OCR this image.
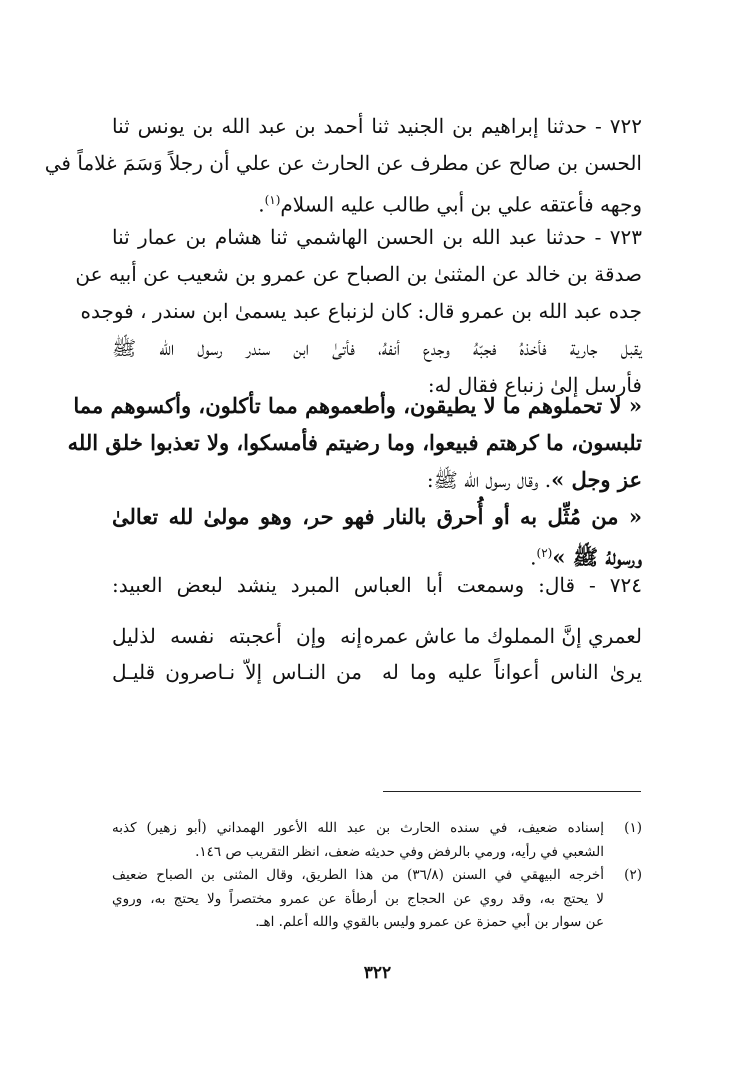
٧٢٢ - حدثنا إبراهيم بن الجنيد ثنا أحمد بن عبد الله بن يونس ثنا
الحسن بن صالح عن مطرف عن الحارث عن علي أن رجلاً وَسَمَ غلاماً في
وجهه فأعتقه علي بن أبي طالب عليه السلام$^{(١)}$.
٧٢٣ - حدثنا عبد الله بن الحسن الهاشمي ثنا هشام بن عمار ثنا
صدقة بن خالد عن المثنىٰ بن الصباح عن عمرو بن شعيب عن أبيه عن
جده عبد الله بن عمرو قال: كان لزنباع عبد يسمىٰ ابن سندر ، فوجده
يقبل جارية فأخذهُ فجبّهُ وجدع أنفهُ، فأتىٰ ابن سندر رسول الله ﷺ
فأرسل إلىٰ زنباع فقال له:
« لا تحملوهم ما لا يطيقون، وأطعموهم مما تأكلون، وأكسوهم مما
تلبسون، ما كرهتم فبيعوا، وما رضيتم فأمسكوا، ولا تعذبوا خلق الله
عز وجل ». وقال رسول الله ﷺ:
« من مُثِّل به أو أُحرق بالنار فهو حر، وهو مولىٰ لله تعالىٰ
ورسولهُ ﷺ »$^{(٢)}$.
٧٢٤ - قال: وسمعت أبا العباس المبرد ينشد لبعض العبيد:
لعمري إنَّ المملوك ما عاش عمره
إنه وإن أعجبته نفسه لذليل
يرىٰ الناس أعواناً عليه وما له
من النـاس إلاّ نـاصرون قليـل
(١)
إسناده ضعيف، في سنده الحارث بن عبد الله الأعور الهمداني (أبو زهير) كذبه
الشعبي في رأيه، ورمي بالرفض وفي حديثه ضعف، انظر التقريب ص ١٤٦.
(٢)
أخرجه البيهقي في السنن (٣٦/٨) من هذا الطريق، وقال المثنى بن الصباح ضعيف
لا يحتج به، وقد روي عن الحجاج بن أرطأة عن عمرو مختصراً ولا يحتج به، وروي
عن سوار بن أبي حمزة عن عمرو وليس بالقوي والله أعلم. اهـ.
٣٢٢
